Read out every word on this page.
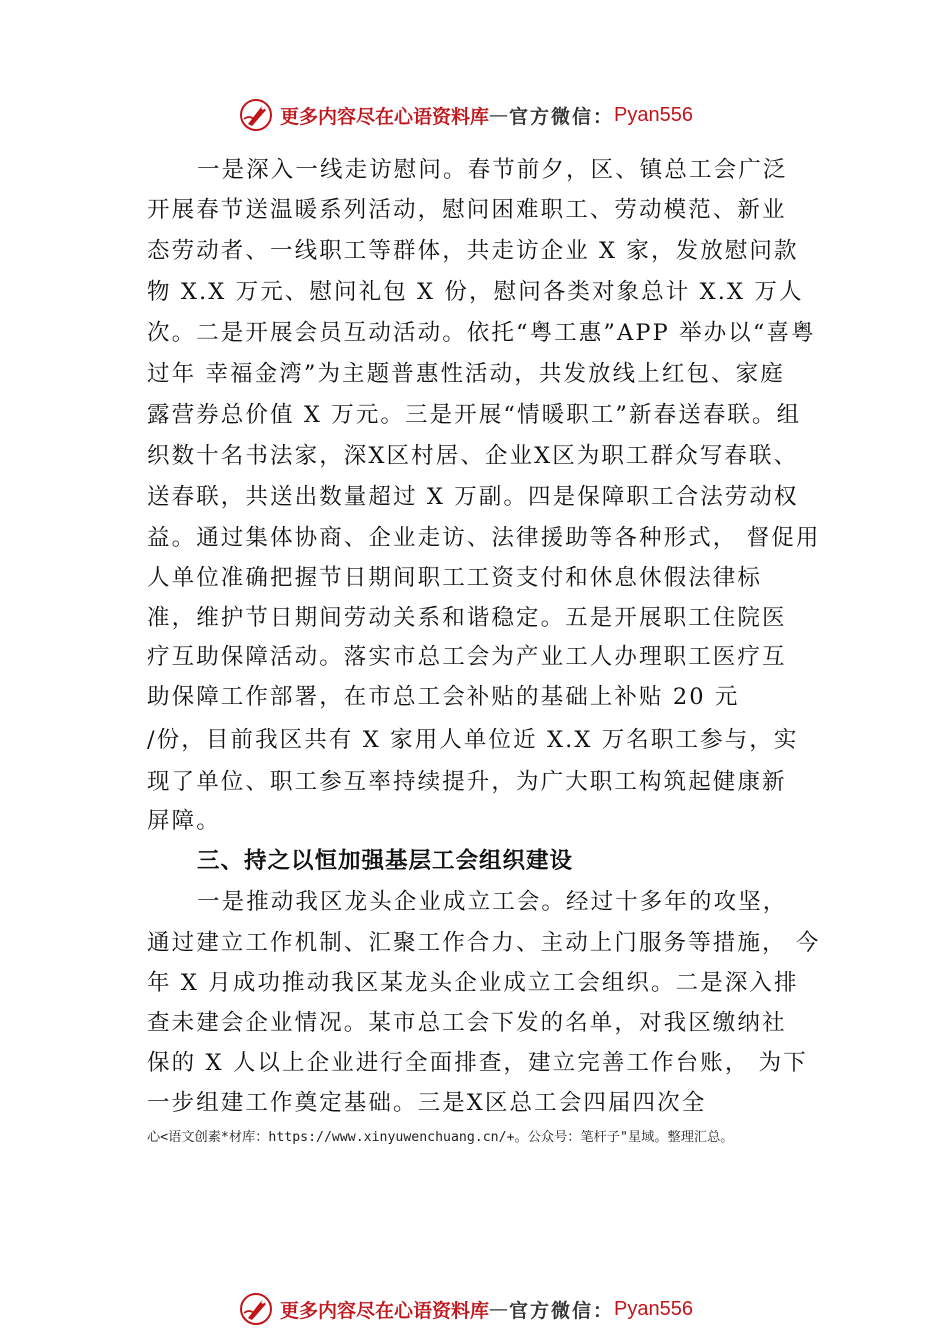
更多内容尽在心语资料库 — 官方微信： Pyan556
一是深入一线走访慰问。春节前夕，区、镇总工会广泛
开展春节送温暖系列活动，慰问困难职工、劳动模范、新业
态劳动者、一线职工等群体，共走访企业 X 家，发放慰问款
物 X.X 万元、慰问礼包 X 份，慰问各类对象总计 X.X 万人
次。二是开展会员互动活动。依托“粤工惠”APP 举办以“喜粤
过年 幸福金湾”为主题普惠性活动，共发放线上红包、家庭
露营券总价值 X 万元。三是开展“情暖职工”新春送春联。组
织数十名书法家，深X区村居、企业X区为职工群众写春联、
送春联，共送出数量超过 X 万副。四是保障职工合法劳动权
益。通过集体协商、企业走访、法律援助等各种形式， 督促用
人单位准确把握节日期间职工工资支付和休息休假法律标
准，维护节日期间劳动关系和谐稳定。五是开展职工住院医
疗互助保障活动。落实市总工会为产业工人办理职工医疗互
助保障工作部署，在市总工会补贴的基础上补贴 20 元
/份，目前我区共有 X 家用人单位近 X.X 万名职工参与，实
现了单位、职工参互率持续提升，为广大职工构筑起健康新
屏障。
三、持之以恒加强基层工会组织建设
一是推动我区龙头企业成立工会。经过十多年的攻坚，
通过建立工作机制、汇聚工作合力、主动上门服务等措施， 今
年 X 月成功推动我区某龙头企业成立工会组织。二是深入排
查未建会企业情况。某市总工会下发的名单，对我区缴纳社
保的 X 人以上企业进行全面排查，建立完善工作台账， 为下
一步组建工作奠定基础。三是X区总工会四届四次全
心<语文创素*材库：https://www.xinyuwenchuang.cn/+。公众号：笔杆子"星域。整理汇总。
更多内容尽在心语资料库 — 官方微信： Pyan556
